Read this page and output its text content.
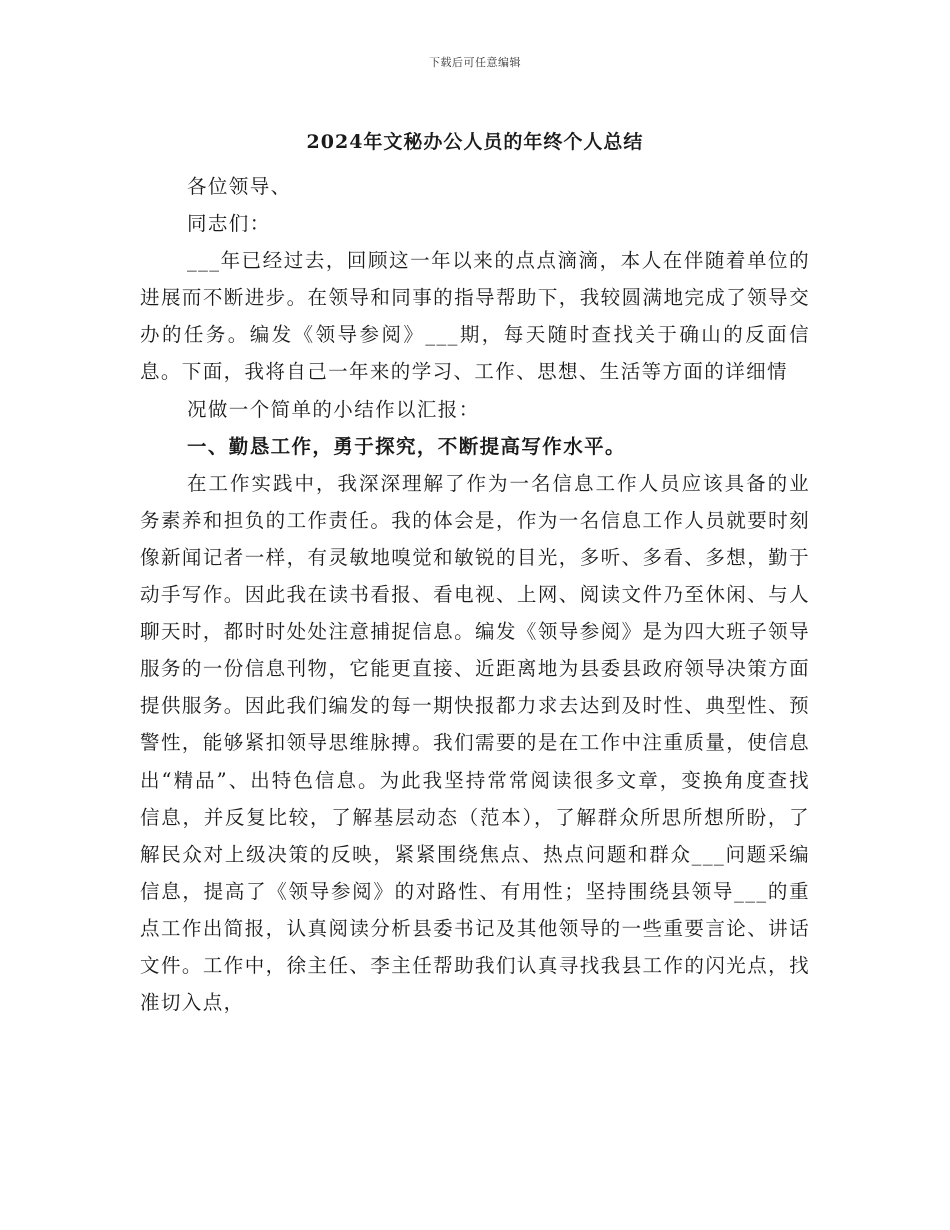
下载后可任意编辑
2024年文秘办公人员的年终个人总结

各位领导、

同志们：

___年已经过去，回顾这一年以来的点点滴滴，本人在伴随着单位的进展而不断进步。在领导和同事的指导帮助下，我较圆满地完成了领导交办的任务。编发《领导参阅》___期，每天随时查找关于确山的反面信息。下面，我将自己一年来的学习、工作、思想、生活等方面的详细情

况做一个简单的小结作以汇报：

一、勤恳工作，勇于探究，不断提高写作水平。

在工作实践中，我深深理解了作为一名信息工作人员应该具备的业务素养和担负的工作责任。我的体会是，作为一名信息工作人员就要时刻像新闻记者一样，有灵敏地嗅觉和敏锐的目光，多听、多看、多想，勤于动手写作。因此我在读书看报、看电视、上网、阅读文件乃至休闲、与人聊天时，都时时处处注意捕捉信息。编发《领导参阅》是为四大班子领导服务的一份信息刊物，它能更直接、近距离地为县委县政府领导决策方面提供服务。因此我们编发的每一期快报都力求去达到及时性、典型性、预警性，能够紧扣领导思维脉搏。我们需要的是在工作中注重质量，使信息出“精品”、出特色信息。为此我坚持常常阅读很多文章，变换角度查找信息，并反复比较，了解基层动态（范本），了解群众所思所想所盼，了解民众对上级决策的反映，紧紧围绕焦点、热点问题和群众___问题采编信息，提高了《领导参阅》的对路性、有用性；坚持围绕县领导___的重点工作出简报，认真阅读分析县委书记及其他领导的一些重要言论、讲话文件。工作中，徐主任、李主任帮助我们认真寻找我县工作的闪光点，找准切入点，
